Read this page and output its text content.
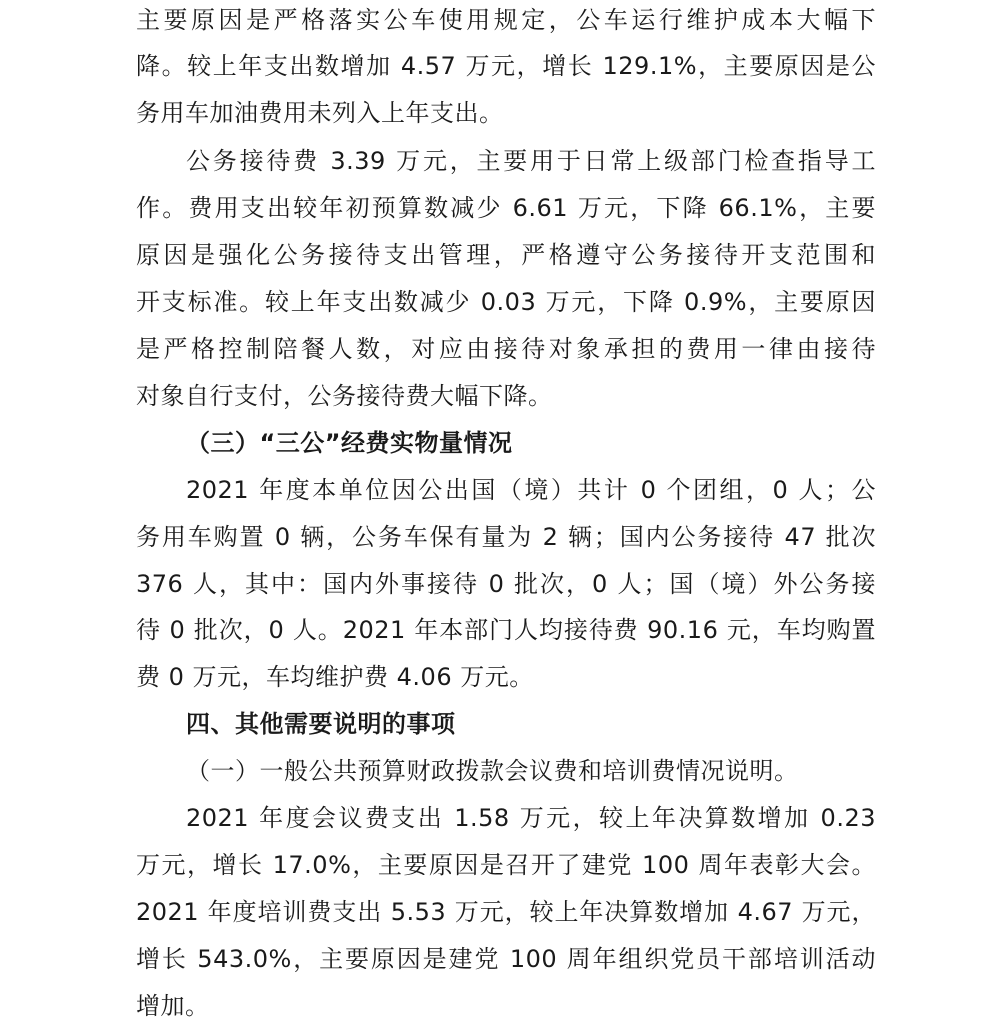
主要原因是严格落实公车使用规定，公车运行维护成本大幅下
降。较上年支出数增加 4.57 万元，增长 129.1%，主要原因是公
务用车加油费用未列入上年支出。
公务接待费 3.39 万元，主要用于日常上级部门检查指导工
作。费用支出较年初预算数减少 6.61 万元，下降 66.1%，主要
原因是强化公务接待支出管理，严格遵守公务接待开支范围和
开支标准。较上年支出数减少 0.03 万元，下降 0.9%，主要原因
是严格控制陪餐人数，对应由接待对象承担的费用一律由接待
对象自行支付，公务接待费大幅下降。
（三）“三公”经费实物量情况
2021 年度本单位因公出国（境）共计 0 个团组，0 人；公
务用车购置 0 辆，公务车保有量为 2 辆；国内公务接待 47 批次
376 人，其中：国内外事接待 0 批次，0 人；国（境）外公务接
待 0 批次，0 人。2021 年本部门人均接待费 90.16 元，车均购置
费 0 万元，车均维护费 4.06 万元。
四、其他需要说明的事项
（一）一般公共预算财政拨款会议费和培训费情况说明。
2021 年度会议费支出 1.58 万元，较上年决算数增加 0.23
万元，增长 17.0%，主要原因是召开了建党 100 周年表彰大会。
2021 年度培训费支出 5.53 万元，较上年决算数增加 4.67 万元，
增长 543.0%，主要原因是建党 100 周年组织党员干部培训活动
增加。
